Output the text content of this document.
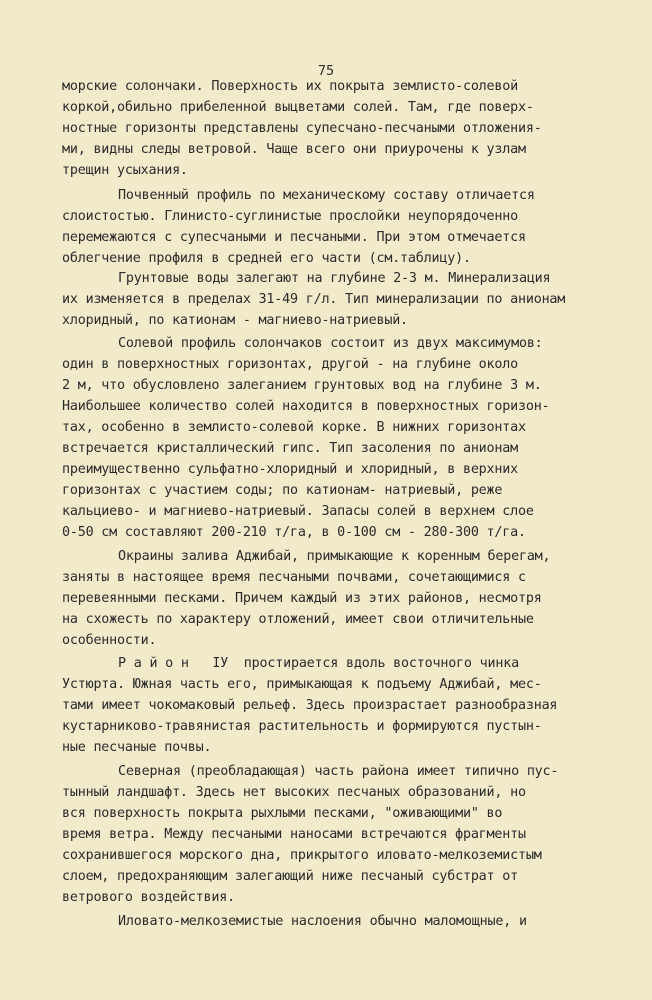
75
морские солончаки. Поверхность их покрыта землисто-солевой
коркой,обильно прибеленной выцветами солей. Там, где поверх-
ностные горизонты представлены супесчано-песчаными отложения-
ми, видны следы ветровой. Чаще всего они приурочены к узлам
трещин усыхания.
Почвенный профиль по механическому составу отличается
слоистостью. Глинисто-суглинистые прослойки неупорядоченно
перемежаются с супесчаными и песчаными. При этом отмечается
облегчение профиля в средней его части (см.таблицу).
Грунтовые воды залегают на глубине 2-3 м. Минерализация
их изменяется в пределах 31-49 г/л. Тип минерализации по анионам
хлоридный, по катионам - магниево-натриевый.
Солевой профиль солончаков состоит из двух максимумов:
один в поверхностных горизонтах, другой - на глубине около
2 м, что обусловлено залеганием грунтовых вод на глубине 3 м.
Наибольшее количество солей находится в поверхностных горизон-
тах, особенно в землисто-солевой корке. В нижних горизонтах
встречается кристаллический гипс. Тип засоления по анионам
преимущественно сульфатно-хлоридный и хлоридный, в верхних
горизонтах с участием соды; по катионам- натриевый, реже
кальциево- и магниево-натриевый. Запасы солей в верхнем слое
0-50 см составляют 200-210 т/га, в 0-100 см - 280-300 т/га.
Окраины залива Аджибай, примыкающие к коренным берегам,
заняты в настоящее время песчаными почвами, сочетающимися с
перевеянными песками. Причем каждый из этих районов, несмотря
на схожесть по характеру отложений, имеет свои отличительные
особенности.
Р а й о н   IУ  простирается вдоль восточного чинка
Устюрта. Южная часть его, примыкающая к подъему Аджибай, мес-
тами имеет чокомаковый рельеф. Здесь произрастает разнообразная
кустарниково-травянистая растительность и формируются пустын-
ные песчаные почвы.
Северная (преобладающая) часть района имеет типично пус-
тынный ландшафт. Здесь нет высоких песчаных образований, но
вся поверхность покрыта рыхлыми песками, "оживающими" во
время ветра. Между песчаными наносами встречаются фрагменты
сохранившегося морского дна, прикрытого иловато-мелкоземистым
слоем, предохраняющим залегающий ниже песчаный субстрат от
ветрового воздействия.
Иловато-мелкоземистые наслоения обычно маломощные, и
